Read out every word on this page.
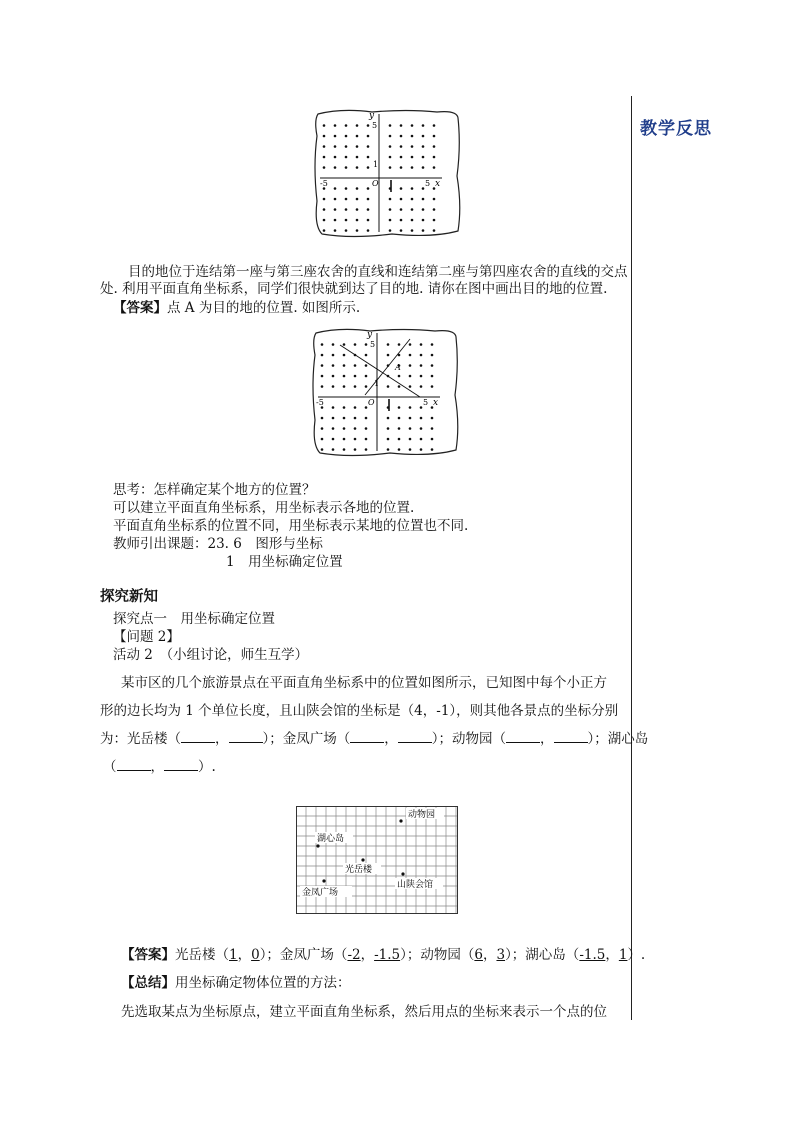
教学反思
y
5
1
O
-5	5 x
目的地位于连结第一座与第三座农舍的直线和连结第二座与第四座农舍的直线的交点
处. 利用平面直角坐标系，同学们很快就到达了目的地. 请你在图中画出目的地的位置.
【答案】点 A 为目的地的位置. 如图所示.
y
5
1
A
O
-5	5 x
思考：怎样确定某个地方的位置？
可以建立平面直角坐标系，用坐标表示各地的位置.
平面直角坐标系的位置不同，用坐标表示某地的位置也不同.
教师引出课题：23. 6　图形与坐标
1　用坐标确定位置
探究新知
探究点一　用坐标确定位置
【问题 2】
活动 2　（小组讨论，师生互学）
某市区的几个旅游景点在平面直角坐标系中的位置如图所示，已知图中每个小正方
形的边长均为 1 个单位长度，且山陕会馆的坐标是（4，-1），则其他各景点的坐标分别
为：光岳楼（	，	）；金凤广场（	，	）；动物园（	，	）；湖心岛
（	，	）.
动物园
湖心岛
光岳楼
山陕会馆
金凤广场
【答案】光岳楼（1，0）；金凤广场（-2，-1.5）；动物园（6，3）；湖心岛（-1.5，1）.
【总结】用坐标确定物体位置的方法：
先选取某点为坐标原点，建立平面直角坐标系，然后用点的坐标来表示一个点的位
